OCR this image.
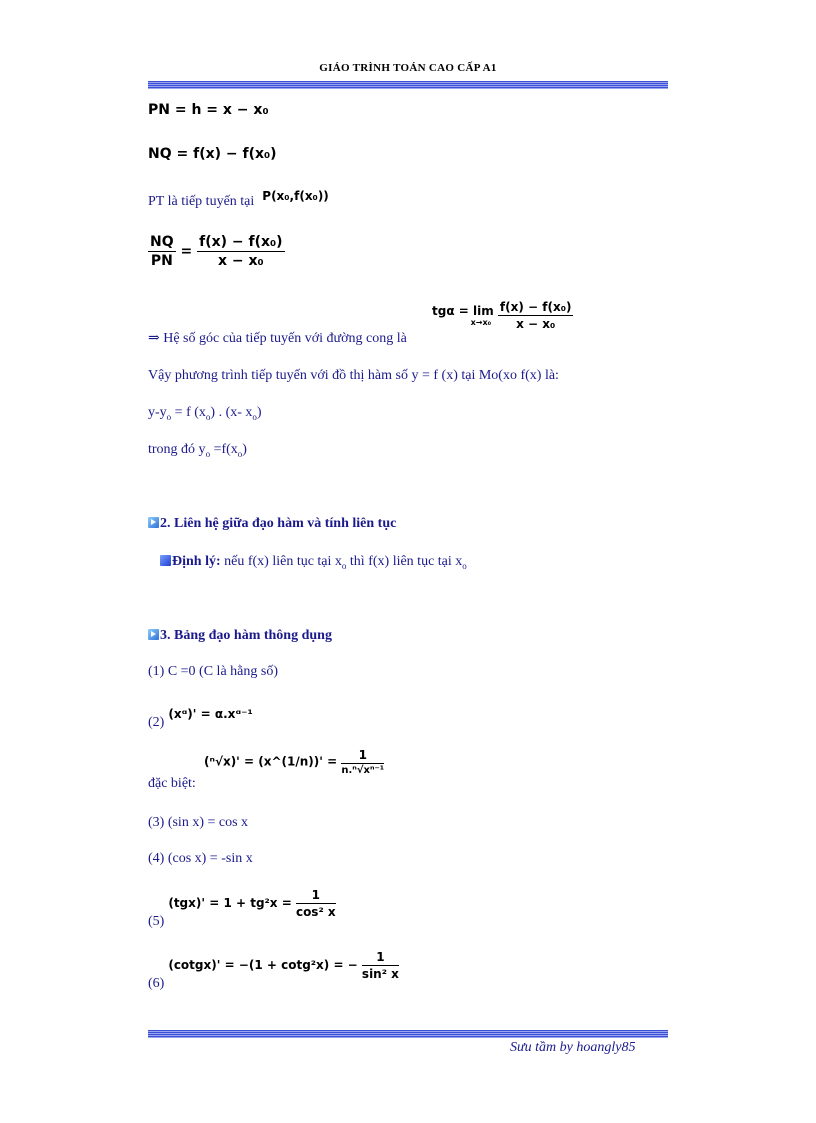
GIÁO TRÌNH TOÁN CAO CẤP A1
PN = h = x − x₀
NQ = f(x) − f(x₀)
PT là tiếp tuyến tại $^{P(x_0,f(x_0))}$
$\frac{NQ}{PN} = \frac{\text{f(x) − f(x₀)}}{\text{x − x₀}}$
⇒ Hệ số góc của tiếp tuyến với đường cong là
tgα = lim
x→x₀
$\frac{\text{f(x) − f(x₀)}}{\text{x − x₀}}$
Vậy phương trình tiếp tuyến với đồ thị hàm số y = f (x) tại Mo(xo f(x) là:
$y-y_o = f$ $(x_o)$ . (x- $x_o$)
trong đó $y_o =f(x_o)$
2. Liên hệ giữa đạo hàm và tính liên tục
Định lý: nếu f(x) liên tục tại $x_o$ thì f(x) liên tục tại $x_o$
3. Bảng đạo hàm thông dụng
(1) C =0 (C là hằng số)
(2) (xᵅ)' = α.xᵅ⁻¹
đặc biệt:
(ⁿ√x)' = (x^(1/n))' = $\frac{1}{\text{n.ⁿ√xⁿ⁻¹}}$
(3) (sin x) = cos x
(4) (cos x) = -sin x
(5) $(tgx)' = 1 + tg^2x = \frac{1}{\text{cos² x}}$
(6) (cotgx)' = −(1 + cotg²x) = − $\frac{1}{\text{sin² x}}$
Sưu tầm by hoangly85
